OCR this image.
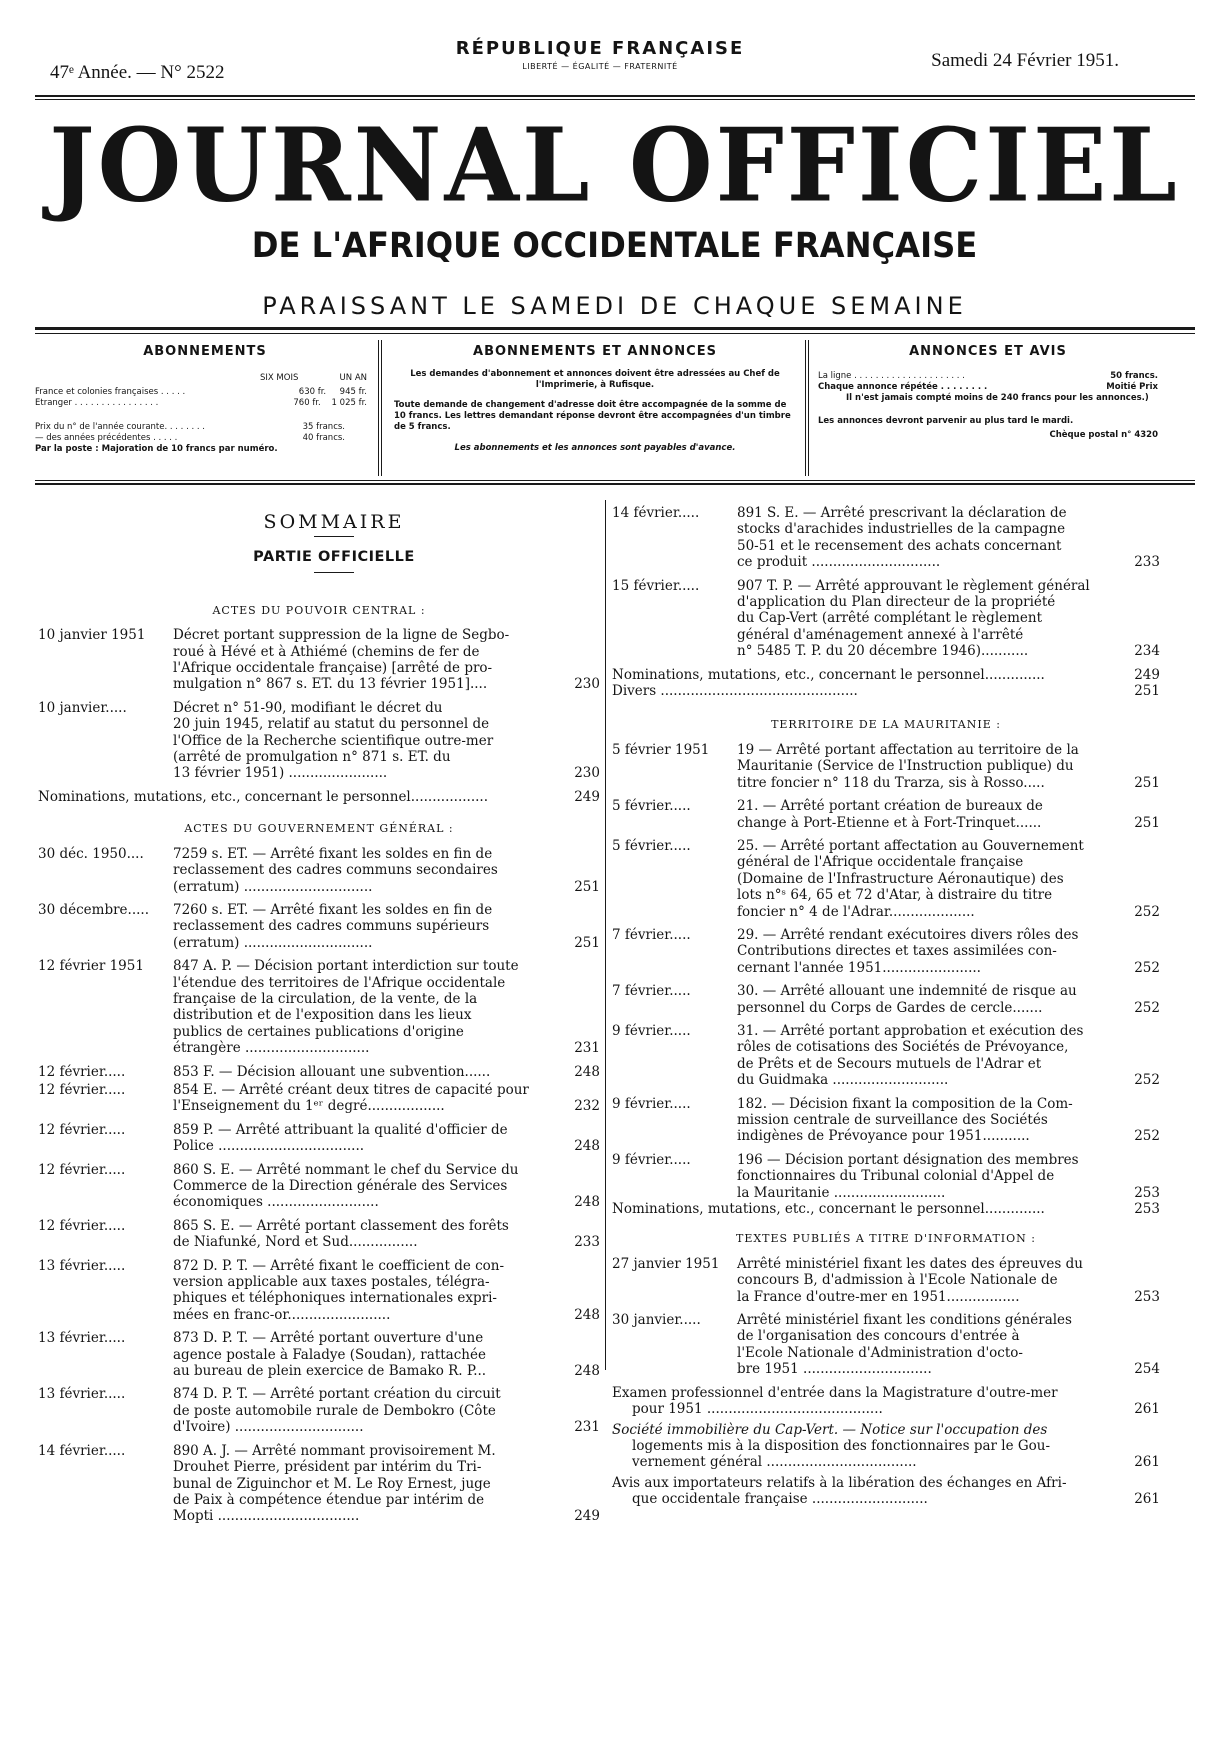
47ᵉ Année. — N° 2522
RÉPUBLIQUE FRANÇAISE
LIBERTÉ — ÉGALITÉ — FRATERNITÉ	Samedi 24 Février 1951.
JOURNAL OFFICIEL
DE L'AFRIQUE OCCIDENTALE FRANÇAISE
PARAISSANT LE SAMEDI DE CHAQUE SEMAINE
ABONNEMENTS
SIX MOIS	UN AN
France et colonies françaises . . . . .	630 fr. 945 fr.
Etranger . . . . . . . . . . . . . . . .	760 fr. 1 025 fr.
Prix du n° de l'année courante. . . . . . . .	35 francs.
— des années précédentes . . . . .	40 francs.
Par la poste : Majoration de 10 francs par numéro.
ABONNEMENTS ET ANNONCES
Les demandes d'abonnement et annonces doivent être adressées au Chef de l'Imprimerie, à Rufisque.
Toute demande de changement d'adresse doit être accompagnée de la somme de 10 francs. Les lettres demandant réponse devront être accompagnées d'un timbre de 5 francs.
Les abonnements et les annonces sont payables d'avance.
ANNONCES ET AVIS
La ligne . . . . . . . . . . . . . . . . . . . . .	50 francs.
Chaque annonce répétée . . . . . . . .	Moitié Prix
Il n'est jamais compté moins de 240 francs pour les annonces.)
Les annonces devront parvenir au plus tard le mardi.
Chèque postal n° 4320
SOMMAIRE
PARTIE OFFICIELLE
ACTES DU POUVOIR CENTRAL :
10 janvier 1951	Décret portant suppression de la ligne de Segbo-
roué à Hévé et à Athiémé (chemins de fer de
l'Afrique occidentale française) [arrêté de pro-
mulgation n° 867 s. ET. du 13 février 1951]....	230
10 janvier.....	Décret n° 51-90, modifiant le décret du
20 juin 1945, relatif au statut du personnel de
l'Office de la Recherche scientifique outre-mer
(arrêté de promulgation n° 871 s. ET. du
13 février 1951) .......................	230
Nominations, mutations, etc., concernant le personnel..................	249
ACTES DU GOUVERNEMENT GÉNÉRAL :
30 déc. 1950....	7259 s. ET. — Arrêté fixant les soldes en fin de
reclassement des cadres communs secondaires
(erratum) ..............................	251
30 décembre.....	7260 s. ET. — Arrêté fixant les soldes en fin de
reclassement des cadres communs supérieurs
(erratum) ..............................	251
12 février 1951	847 A. P. — Décision portant interdiction sur toute
l'étendue des territoires de l'Afrique occidentale
française de la circulation, de la vente, de la
distribution et de l'exposition dans les lieux
publics de certaines publications d'origine
étrangère .............................	231
12 février.....	853 F. — Décision allouant une subvention......	248
12 février.....	854 E. — Arrêté créant deux titres de capacité pour
l'Enseignement du 1ᵉʳ degré..................	232
12 février.....	859 P. — Arrêté attribuant la qualité d'officier de
Police ..................................	248
12 février.....	860 S. E. — Arrêté nommant le chef du Service du
Commerce de la Direction générale des Services
économiques ..........................	248
12 février.....	865 S. E. — Arrêté portant classement des forêts
de Niafunké, Nord et Sud................	233
13 février.....	872 D. P. T. — Arrêté fixant le coefficient de con-
version applicable aux taxes postales, télégra-
phiques et téléphoniques internationales expri-
mées en franc-or........................	248
13 février.....	873 D. P. T. — Arrêté portant ouverture d'une
agence postale à Faladye (Soudan), rattachée
au bureau de plein exercice de Bamako R. P...	248
13 février.....	874 D. P. T. — Arrêté portant création du circuit
de poste automobile rurale de Dembokro (Côte
d'Ivoire) ..............................	231
14 février.....	890 A. J. — Arrêté nommant provisoirement M.
Drouhet Pierre, président par intérim du Tri-
bunal de Ziguinchor et M. Le Roy Ernest, juge
de Paix à compétence étendue par intérim de
Mopti .................................	249
14 février.....	891 S. E. — Arrêté prescrivant la déclaration de
stocks d'arachides industrielles de la campagne
50-51 et le recensement des achats concernant
ce produit ..............................	233
15 février.....	907 T. P. — Arrêté approuvant le règlement général
d'application du Plan directeur de la propriété
du Cap-Vert (arrêté complétant le règlement
général d'aménagement annexé à l'arrêté
n° 5485 T. P. du 20 décembre 1946)...........	234
Nominations, mutations, etc., concernant le personnel..............	249
Divers ..............................................	251
TERRITOIRE DE LA MAURITANIE :
5 février 1951	19 — Arrêté portant affectation au territoire de la
Mauritanie (Service de l'Instruction publique) du
titre foncier n° 118 du Trarza, sis à Rosso.....	251
5 février.....	21. — Arrêté portant création de bureaux de
change à Port-Etienne et à Fort-Trinquet......	251
5 février.....	25. — Arrêté portant affectation au Gouvernement
général de l'Afrique occidentale française
(Domaine de l'Infrastructure Aéronautique) des
lots n°ˢ 64, 65 et 72 d'Atar, à distraire du titre
foncier n° 4 de l'Adrar....................	252
7 février.....	29. — Arrêté rendant exécutoires divers rôles des
Contributions directes et taxes assimilées con-
cernant l'année 1951.......................	252
7 février.....	30. — Arrêté allouant une indemnité de risque au
personnel du Corps de Gardes de cercle.......	252
9 février.....	31. — Arrêté portant approbation et exécution des
rôles de cotisations des Sociétés de Prévoyance,
de Prêts et de Secours mutuels de l'Adrar et
du Guidmaka ...........................	252
9 février.....	182. — Décision fixant la composition de la Com-
mission centrale de surveillance des Sociétés
indigènes de Prévoyance pour 1951...........	252
9 février.....	196 — Décision portant désignation des membres
fonctionnaires du Tribunal colonial d'Appel de
la Mauritanie ..........................	253
Nominations, mutations, etc., concernant le personnel..............	253
TEXTES PUBLIÉS A TITRE D'INFORMATION :
27 janvier 1951	Arrêté ministériel fixant les dates des épreuves du
concours B, d'admission à l'Ecole Nationale de
la France d'outre-mer en 1951.................	253
30 janvier.....	Arrêté ministériel fixant les conditions générales
de l'organisation des concours d'entrée à
l'Ecole Nationale d'Administration d'octo-
bre 1951 ..............................	254
Examen professionnel d'entrée dans la Magistrature d'outre-mer
pour 1951 .........................................	261
Société immobilière du Cap-Vert. — Notice sur l'occupation des
logements mis à la disposition des fonctionnaires par le Gou-
vernement général ...................................	261
Avis aux importateurs relatifs à la libération des échanges en Afri-
que occidentale française ...........................	261
